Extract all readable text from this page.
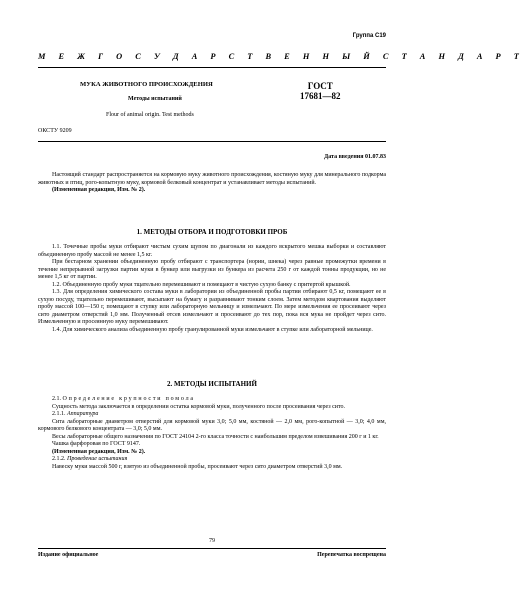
Группа С19
М Е Ж Г О С У Д А Р С Т В Е Н Н Ы Й С Т А Н Д А Р Т
МУКА ЖИВОТНОГО ПРОИСХОЖДЕНИЯ	ГОСТ
17681—82
Методы испытаний
Flour of animal origin. Test methods
ОКСТУ 9209
Дата введения 01.07.83

Настоящий стандарт распространяется на кормовую муку животного происхождения, костяную муку для минерального подкорма животных и птиц, рого-копытную муку, кормовой белковый концентрат и устанавливает методы испытаний.

(Измененная редакция, Изм. № 2).

1. МЕТОДЫ ОТБОРА И ПОДГОТОВКИ ПРОБ

1.1. Точечные пробы муки отбирают чистым сухим щупом по диагонали из каждого вскрытого мешка выборки и составляют объединенную пробу массой не менее 1,5 кг.

При бестарном хранении объединенную пробу отбирают с транспортера (нории, шнека) через равные промежутки времени в течение непрерывной загрузки партии муки в бункер или выгрузки из бункера из расчета 250 г от каждой тонны продукции, но не менее 1,5 кг от партии.

1.2. Объединенную пробу муки тщательно перемешивают и помещают в чистую сухую банку с притертой крышкой.

1.3. Для определения химического состава муки в лаборатории из объединенной пробы партии отбирают 0,5 кг, помещают ее в сухую посуду, тщательно перемешивают, высыпают на бумагу и разравнивают тонким слоем. Затем методом квартования выделяют пробу массой 100—150 г, помещают в ступку или лабораторную мельницу и измельчают. По мере измельчения ее просеивают через сито диаметром отверстий 1,0 мм. Полученный отсев измельчают и просеивают до тех пор, пока вся мука не пройдет через сито. Измельченную и просеянную муку перемешивают.

1.4. Для химического анализа объединенную пробу гранулированной муки измельчают в ступке или лабораторной мельнице.

2. МЕТОДЫ ИСПЫТАНИЙ

2.1. Определение крупности помола

Сущность метода заключается в определении остатка кормовой муки, полученного после просеивания через сито.

2.1.1. Аппаратура

Сита лабораторные диаметром отверстий для кормовой муки 3,0; 5,0 мм, костяной — 2,0 мм, рого-копытной — 3,0; 4,0 мм, кормового белкового концентрата — 3,0; 5,0 мм.

Весы лабораторные общего назначения по ГОСТ 24104 2-го класса точности с наибольшим пределом взвешивания 200 г и 1 кг.

Чашка фарфоровая по ГОСТ 9147.

(Измененная редакция, Изм. № 2).

2.1.2. Проведение испытания

Навеску муки массой 500 г, взятую из объединенной пробы, просеивают через сито диаметром отверстий 3,0 мм.

79
Издание официальное	Перепечатка воспрещена
